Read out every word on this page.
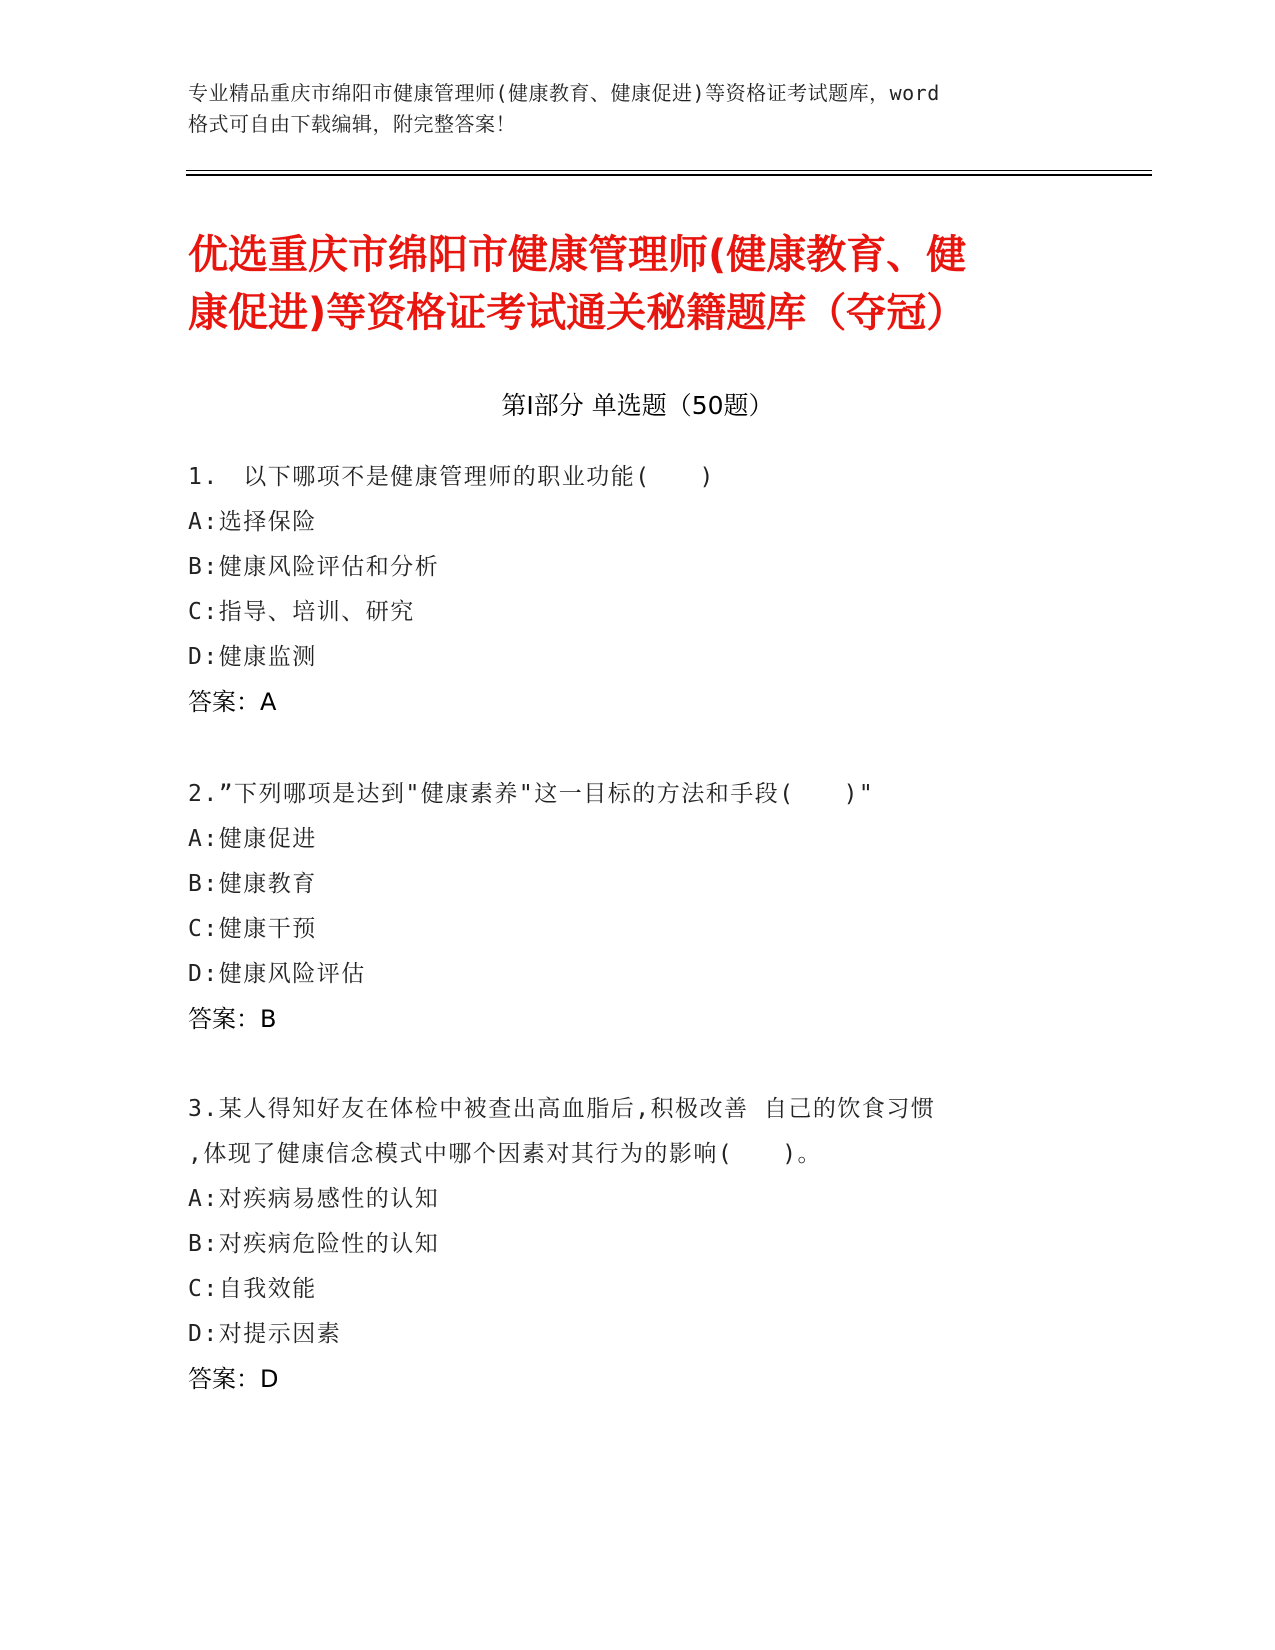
专业精品重庆市绵阳市健康管理师(健康教育、健康促进)等资格证考试题库，word
格式可自由下载编辑，附完整答案！
优选重庆市绵阳市健康管理师(健康教育、健
康促进)等资格证考试通关秘籍题库（夺冠）
第Ⅰ部分 单选题（50题）
1.　以下哪项不是健康管理师的职业功能(　　)
A:选择保险
B:健康风险评估和分析
C:指导、培训、研究
D:健康监测
答案：A
2.”下列哪项是达到"健康素养"这一目标的方法和手段(　　)"
A:健康促进
B:健康教育
C:健康干预
D:健康风险评估
答案：B
3.某人得知好友在体检中被查出高血脂后,积极改善 自己的饮食习惯
,体现了健康信念模式中哪个因素对其行为的影响(　　)。
A:对疾病易感性的认知
B:对疾病危险性的认知
C:自我效能
D:对提示因素
答案：D
